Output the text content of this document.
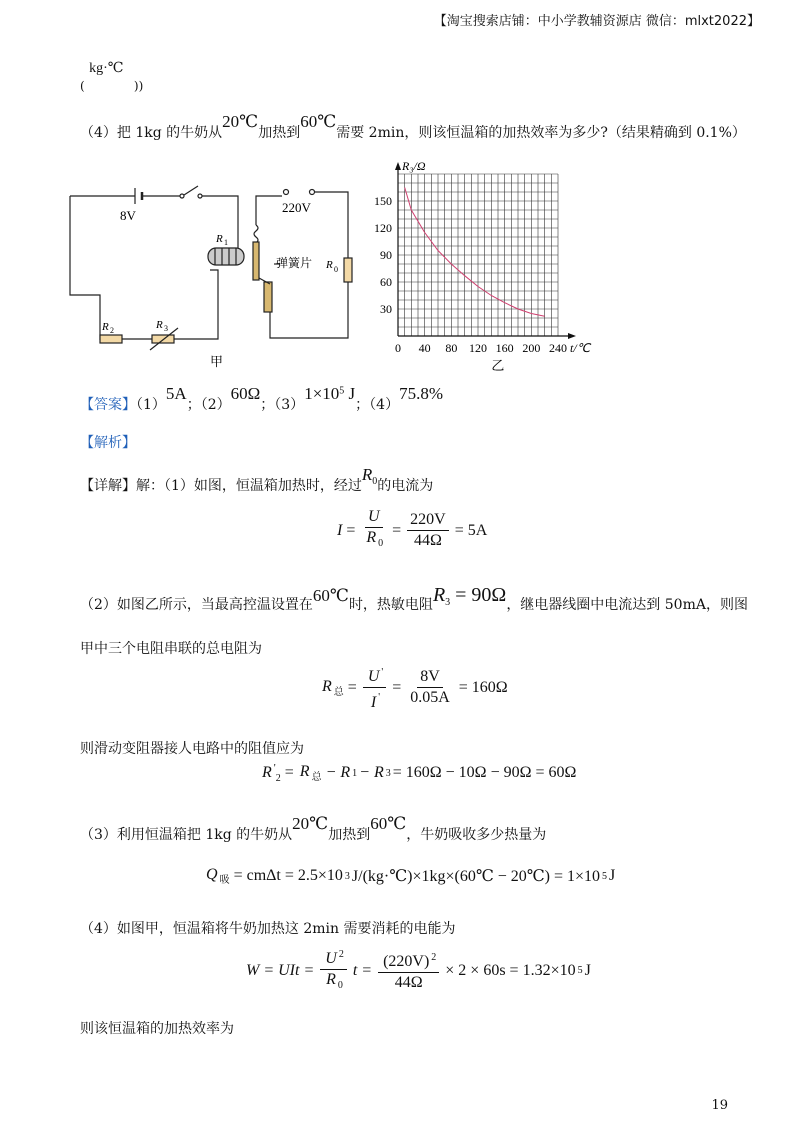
【淘宝搜索店铺：中小学教辅资源店 微信：mlxt2022】
( kg·℃ ))
（4）把 1kg 的牛奶从20℃加热到60℃需要 2min，则该恒温箱的加热效率为多少?（结果精确到 0.1%）
8V
220V
R 1
弹簧片 R 0
R 2	R 3
甲
0 40 80 120 160 200 240
30
60
90
120
150
R₃/Ω
t/℃
乙
【答案】（1）5A；（2）60Ω；$(3)1\times 10^5$ J；（4）75.8%
【解析】
【详解】解：（1）如图，恒温箱加热时，经过$R_0$的电流为
$I = \frac{U}{R _0} = \frac{220V}{44\Omega} = 5A$
（2）如图乙所示，当最高控温设置在60℃时，热敏电阻$R_3 = 90\Omega$，继电器线圈中电流达到 50mA，则图
甲中三个电阻串联的总电阻为
R $_总 = \frac{U '}{I '} = \frac{8V}{0.05A} = 160\Omega$
则滑动变阻器接人电路中的阻值应为
R '$_2$ = R $_总$ − R 1 − R 3 = 160Ω − 10Ω − 90Ω = 60Ω
（3）利用恒温箱把 1kg 的牛奶从20℃加热到60℃，牛奶吸收多少热量为
Q $_吸$ = cmΔt = 2.5×10 3 J/(kg·℃)×1kg×(60℃ − 20℃) = 1×10 5 J
（4）如图甲，恒温箱将牛奶加热这 2min 需要消耗的电能为
W = UIt = $\frac{U ^2}{R _0}$ $t = \frac{(220V) ^2}{44\Omega} \times 2 \times 60s = 1.32\times 10$ 5 J
则该恒温箱的加热效率为
19
